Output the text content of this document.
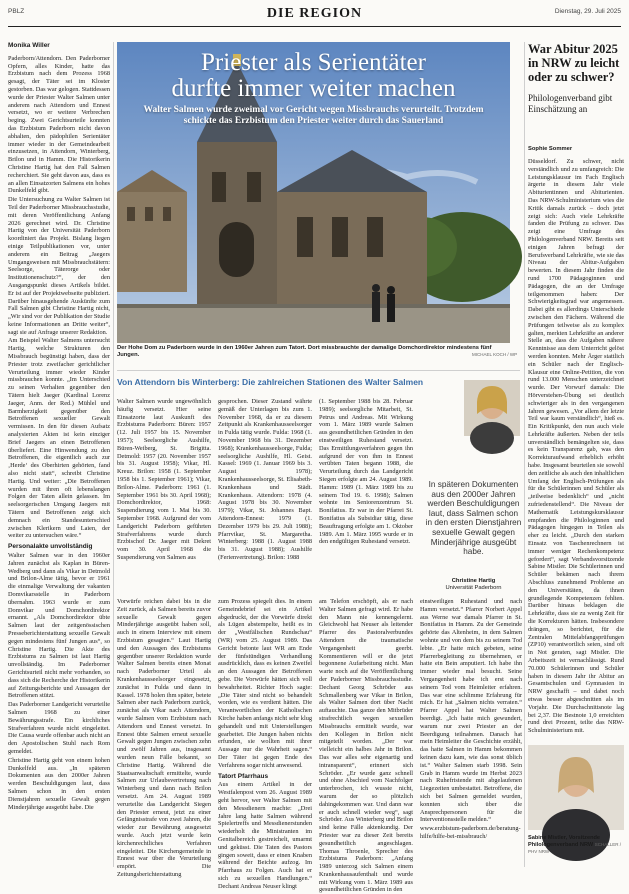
PBLZ	DIE REGION	Dienstag, 29. Juli 2025
Monika Willer

Paderborn/Attendorn. Den Paderborner Opfern, alles Kinder, hatte das Erzbistum nach dem Prozess 1968 gesagt, der Täter sei im Kloster gestorben. Das war gelogen. Stattdessen wurde der Priester Walter Salmen unter anderem nach Attendorn und Ennest versetzt, wo er weitere Verbrechen beging. Zwei Gerichtsurteile konnten das Erzbistum Paderborn nicht davon abhalten, den pädophilen Serientäter immer wieder in der Gemeindearbeit einzusetzen, in Attendorn, Winterberg, Brilon und in Hamm. Die Historikerin Christine Hartig hat den Fall Salmen recherchiert. Sie geht davon aus, dass es an allen Einsatzorten Salmens ein hohes Dunkelfeld gibt.

Die Untersuchung zu Walter Salmen ist Teil der Paderborner Missbrauchsstudie, mit deren Veröffentlichung Anfang 2026 gerechnet wird. Dr. Christine Hartig von der Universität Paderborn koordiniert das Projekt. Bislang liegen einige Teilpublikationen vor, unter anderem ein Beitrag „Jaegers Umgangsweisen mit Missbrauchstätern: Seelsorge, Täterorge oder Institutionenschutz?“, der den Ausgangspunkt dieses Artikels bildet. Er ist auf der Projektwebseite publiziert. Darüber hinausgehende Auskünfte zum Fall Salmen gibt Christine Hartig nicht, „Wir sind vor der Publikation der Studie keine Informationen an Dritte weiter“, sagt sie auf Anfrage unserer Redaktion.

Am Beispiel Walter Salmens untersucht Hartig, welche Strukturen den Missbrauch begünstigt haben, dass der Priester trotz zweifacher gerichtlicher Verurteilung immer wieder Kinder missbrauchen konnte. „Im Unterschied zu seinen Verhalten gegenüber den Tätern hielt Jaeger (Kardinal Lorenz Jaeger, Anm. der Red.) Mühlel und Barmherzigkeit gegenüber den Betroffenen sexueller Gewalt vermissen. In den für diesen Aufsatz analysierten Akten ist kein einziger Brief Jaegers an einen Betroffenen überliefert. Eine Hinwendung zu den Betroffenen, die eigentlich auch zur ‚Herde‘ des Oberhirten gehörten, fand also nicht statt“, schreibt Christine Hartig. Und weiter: „Die Betroffenen wurden mit ihren oft lebenslangen Folgen der Taten allein gelassen. Im seelsorgerischen Umgang Jaegers mit Tätern und Betroffenen zeigt sich demnach ein Standesunterschied zwischen Klerikern und Laien, der weiter zu untersuchen wäre.“

Personalakte unvollständig

Walter Salmen war in den 1960er Jahren zunächst als Kaplan in Büren-Wedberg und dann als Vikar in Detmold und Brilon-Alme tätig, bevor er 1961 die einmalige Verwaltung der vakanten Domvikarsstelle in Paderborn übernahm. 1963 wurde er zum Domvikar und Domchordirektor ernannt. „Als Domchordirektor übte Salmen laut der zeitgenössischen Presseberichterstattung sexuelle Gewalt gegen mindestens fünf Jungen aus“, so Christine Hartig. Die Akte des Erzbistums zu Salmen ist laut Hartig unvollständig. Im Paderborner Gerichtsurteil nicht mehr vorhanden, so dass sich die Recherche der Historikerin auf Zeitungsberichte und Aussagen der Betroffenen stützt.

Das Paderborner Landgericht verurteilte Salmen 1968 zu einer Bewährungsstrafe. Ein kirchliches Strafverfahren wurde nicht eingeleitet. Die Causa wurde offenbar auch nicht an den Apostolischen Stuhl nach Rom gemeldet.

Christine Hartig geht von einem hohen Dunkelfeld aus. „In späteren Dokumenten aus den 2000er Jahren werden Beschuldigungen laut, dass Salmen schon in den ersten Dienstjahren sexuelle Gewalt gegen Minderjährige ausgeübt habe. Die

Priester als Serientäter
durfte immer weiter machen
Walter Salmen wurde zweimal vor Gericht wegen Missbrauchs verurteilt. Trotzdem schickte das Erzbistum den Priester weiter durch das Sauerland
Der Hohe Dom zu Paderborn wurde in den 1960er Jahren zum Tatort. Dort missbrauchte der damalige Domchordirektor mindestens fünf Jungen.	MICHAEL KOCH / WP
Von Attendorn bis Winterberg: Die zahlreichen Stationen des Walter Salmen

Walter Salmen wurde ungewöhnlich häufig versetzt. Hier seine Einsatzorte laut Auskunft des Erzbistums Paderborn: Büren: 1957 (12. Juli 1957 bis 15. November 1957); Seelsorgliche Aushilfe, Büren-Weiberg, St. Brigitta. Detmold: 1957 (20. November 1957 bis 31. August 1958); Vikar, Hl. Kreuz. Brilon: 1958 (1. September 1958 bis 1. September 1961); Vikar, Brilon-Alme. Paderborn: 1961 (1. September 1961 bis 30. April 1968); Domchordirektor, 1968: Suspendierung vom 1. Mai bis 30. September 1968. Aufgrund der vom Landgericht Paderborn geführten Strafverfahrens wurde durch Erzbischof Dr. Jaeger mit Dekret vom 30. April 1968 die Suspendierung von Salmen aus

gesprochen. Dieser Zustand währte gemäß der Unterlagen bis zum 1. November 1968, da er zu diesem Zeitpunkt als Krankenhausseelsorger in Fulda tätig wurde. Fulda: 1968 (1. November 1968 bis 31. Dezember 1968); Krankenhausseelsorge, Fulda; seelsorgliche Aushilfe, Hl. Geist. Kassel: 1969 (1. Januar 1969 bis 3. August 1978); Krankenhausseelsorge, St. Elisabeth-Krankenhaus und Städt. Krankenhaus. Attendorn: 1978 (4. August 1978 bis 30. November 1979); Vikar, St. Johannes Bapt. Attendorn-Ennest: 1979 (1. Dezember 1979 bis 29. Juli 1988); Pfarrvikar, St. Margaretha. Winterberg: 1988 (1. August 1988 bis 31. August 1988); Aushilfe (Ferienvertretung). Brilon: 1988

(1. September 1988 bis 28. Februar 1989); seelsorgliche Mitarbeit, St. Petrus und Andreas. Mit Wirkung vom 1. März 1989 wurde Salmen aus gesundheitlichen Gründen in den einstweiligen Ruhestand versetzt. Das Ermittlungsverfahren gegen ihn aufgrund der von ihm in Ennest verübten Taten begann 1988, die Verurteilung durch das Landgericht Siegen erfolgte am 24. August 1989. Hamm: 1989 (1. März 1989 bis zu seinem Tod 19. 6. 1998); Salmen wohnte im Seniorenzentrum St. Bonifatius. Er war in der Pfarrei St. Bonifatius als Subsidiar tätig, diese Beauftragung erfolgte am 1. Oktober 1989. Am 1. März 1995 wurde er in den endgültigen Ruhestand versetzt.

In späteren Dokumenten aus den 2000er Jahren werden Beschuldigungen laut, dass Salmen schon in den ersten Dienstjahren sexuelle Gewalt gegen Minderjährige ausgeübt habe.
Christine Hartig
Universität Paderborn

Vorwürfe reichen dabei bis in die Zeit zurück, als Salmen bereits zuvor sexuelle Gewalt gegen Minderjährige ausgeübt haben soll, auch in einem Interview mit einem Erzbistum gesagten.“ Laut Hartig und den Aussagen des Erzbistums gegenüber unserer Redaktion wurde Walter Salmen bereits einen Monat nach Paderborner Urteil als Krankenhausseelsorger eingesetzt, zunächst in Fulda und dann in Kassel. 1978 holen ihm später, betete Salmen aber nach Paderborn zurück, zunächst als Vikar nach Attendorn, wurde Salmen vom Erzbistum nach Attendorn und Ennest versetzt. In Ennest übte Salmen erneut sexuelle Gewalt gegen Jungen zwischen zehn und zwölf Jahren aus, insgesamt wurden neun Fälle bekannt, so Christine Hartig. Während die Staatsanwaltschaft ermittelte, wurde Salmen zur Urlaubsvertretung nach Winterberg und dann nach Brilon versetzt. Am 24. August 1989 verurteilte das Landgericht Siegen den Priester erneut, jetzt zu einer Gefängnisstrafe von zwei Jahren, die wieder zur Bewährung ausgesetzt wurde. Auch jetzt wurde kein kirchenrechtliches Verfahren eingeleitet. Die Kirchengemeinde in Ennest war über die Verurteilung empört. Die Zeitungsberichterstattung

zum Prozess spiegelt dies. In einem Gemeindebrief sei ein Artikel abgedruckt, der die Vorwürfe direkt als Lügen abstempelte, heißt es in der „Westfälischen Rundschau“ (WR) vom 25. August 1989. Das Gericht betonte laut WR am Ende der fünfstündigen Verhandlung ausdrücklich, dass es keinen Zweifel an den Aussagen der Betroffenen gebe. Die Vorwürfe hätten sich voll bewahrheitet. Richter Hoch sagte: „Die Täter sind nicht so behandelt worden, wie es verdient hätten. Die Verantwortlichen der Katholischen Kirche haben anfangs nicht sehr klug gehandelt und mit Unterstellungen gearbeitet. Die Jungen haben nichts erfunden, sie wollten mit ihrer Aussage nur die Wahrheit sagen.“ Der Täter ist gegen Ende des Verfahrens sogar nicht anwesend.

Tatort Pfarrhaus

Aus einem Artikel in der Westfalenpost vom 26. August 1989 geht hervor, wer Walter Salmen mit den Messdienern machte: „Drei Jahre lang hatte Salmen während Spielertreffs und Messdienerstunden wiederholt die Ministranten im Genitalbereich gestreichelt, umarmt und geküsst. Die Taten des Pastors gingen soweit, dass er einen Knaben während der Beichte aufzog. Im Pfarrhaus zu Folgen. Auch hat er sich zu sexuellen Handlungen.“ Dechant Andreas Neuser klingt

am Telefon erschöpft, als er nach Walter Salmen gefragt wird. Er habe den Mann nie kennengelernt. Gleichwohl hat Neuser als leitender Pfarrer des Pastoralverbundes Attendorn die traumatische Vergangenheit geerbt. Kommentieren will er die jetzt begonnene Aufarbeitung nicht. Man warte noch auf die Veröffentlichung der Paderborner Missbrauchsstudie. Dechant Georg Schröder aus Schmallenberg war Vikar in Brilon, als Walter Salmen dort über Nacht auftauchte. Das ganze den Mitbrüder strafrechtlich wegen sexuellen Missbrauchs ermittelt wurde, war den Kollegen in Brilon nicht mitgeteilt worden. „Der war vielleicht ein halbes Jahr in Brilon. Das war alles sehr eigenartig und intransparent“, erinnert sich Schröder. „Er wurde ganz schnell und ohne Abschied vom Nachfolger unterbrochen, ich wusste nicht, warum der so plötzlich dahingekommen war. Und dann war er auch schnell wieder weg“, sagt Schröder. Aus Winterberg und Brilon sind keine Fälle aktenkundig. Der Priester war zu dieser Zeit bereits gesundheitlich angeschlagen. Thomas Throenle, Sprecher des Erzbistums Paderborn: „Anfang 1989 unterzog sich Salmen einem Krankenhausaufenthalt und wurde mit Wirkung vom 1. März 1989 aus gesundheitlichen Gründen in den

einstweiligen Ruhestand und nach Hamm versetzt.“ Pfarrer Norbert Appel aus Werne war damals Pfarrer in St. Bonifatius in Hamm. Zu der Gemeinde gehörte das Altenheim, in dem Salmen wohnte und von dem bis zu seinem Tod lebte. „Er hatte mich gebeten, seine Pfarrerbegleitung zu übernehmen, er hatte ein Bein amputiert. Ich habe ihn immer wieder mal besucht. Seine Vergangenheit habe ich erst nach seinem Tod vom Heimleiter erfahren. Das war eine schlimme Erfahrung für mich. Er hat „Salmen nichts verraten.“ Pfarrer Appel hat Walter Salmen beerdigt. „Ich hatte mich gewundert, warum nur zwei Priester an der Beerdigung teilnahmen. Danach hat mein Heimleiter die Geschichte erzählt, das hatte Salmen in Hamm bekommen keinen dazu kam, wie das sonst üblich ist.“ Walter Salmen starb 1998. Sein Grab in Hamm wurde im Herbst 2023 nach Ruhefristende mit abgelaufenen Liegezeiten umbestattet. Betroffene, die sich bei Salmen gemeldet wurden, konnten sich über die Ansprechpersonen für die Interventionsstelle melden.“

www.erzbistum-paderborn.de/beratung-hilfe/hilfe-bei-missbrauch/

War Abitur 2025 in NRW zu leicht oder zu schwer?
Philologenverband gibt Einschätzung an
Sophie Sommer

Düsseldorf. Zu schwer, nicht verständlich und zu umfangreich: Die Leistungsklausur im Fach Englisch ärgerte in diesem Jahr viele Abiturientinnen und Abiturienten. Das NRW-Schulministerium wies die Kritik damals zurück – doch jetzt zeigt sich: Auch viele Lehrkräfte fanden die Prüfung zu schwer. Das zeigt eine Umfrage des Philologenverband NRW. Bereits seit einigen Jahren befragt der Berufsverband Lehrkräfte, wie sie das Niveau der Abitur-Aufgaben bewerten. In diesem Jahr finden die rund 1700 Pädagoginnen und Pädagogen, die an der Umfrage teilgenommen haben: Der Schwierigkeitsgrad war angemessen. Dabei gibt es allerdings Unterschiede zwischen den Fächern. Während die Prüfungen teilweise als zu komplex galten, merkten Lehrkräfte an anderer Stelle an, dass die Aufgaben nähere Kenntnisse aus dem Unterricht gelöst werden konnten. Mehr Ärger stattlich ein Schüler nach der Englisch-Klausur eine Online-Petition, die von rund 13.000 Menschen unterzeichnet wurde. Der Vorwurf damals: Die Hörverstehen-Übung sei deutlich schwieriger als in den vergangenen Jahren gewesen. „Vor allem der letzte Teil war kaum verständlich“, hieß es. Ein Kritikpunkt, den nun auch viele Lehrkräfte äußerten. Neben der teils unverständlich bemängelten sie, dass es kein Transparenz gab, was den Korrekturaufwand erheblich erhöht habe. Insgesamt beurteilen sie sowohl den zeitliche als auch den inhaltlichen Umfang der Englisch-Prüfungen als für die Schülerinnen und Schüler als „teilweise bedenklich“ und „nicht zufriedenstellend“. Die Niveau der Mathematik Leistungskursklausur empfanden die Philologinnen und Pädagogen hingegen in Teilen als eher zu leicht. „Durch den starken Einsatz von Taschenrechnern ist immer weniger Rechenkompetenz gefordert“, sagt Verbandsvorsitzende Sabine Mistler. Die Schülerinnen und Schüler bekämen nach ihrem Abschluss zunehmend Probleme an den Universitäten, da ihnen grundlegende Kompetenzen fehlten. Darüber hinaus beklagen die Lehrkräfte, dass sie zu wenig Zeit für die Korrekturen hätten. Insbesondere drängen, so berichtet, für die Zentralen Mittelabfangsprüfungen (ZP10) verantwortlich seien, sind oft in Not geraten, sagt Mistler. Die Arbeitszeit ist vernachlässigt. Rund 70.000 Schülerinnen und Schüler haben in diesem Jahr ihr Abitur an Gesamtschulen und Gymnasien in NRW geschafft – und dabei noch etwas besser abgeschnitten als im Vorjahr. Die Durchschnittsnote lag bei 2,37. Die Bestnote 1,0 erreichten rund drei Prozent, teilte das NRW-Schulministerium mit.

Sabine Mistler, Vorsitzende Philologenverband NRW SCHALLER / PHV NRW
